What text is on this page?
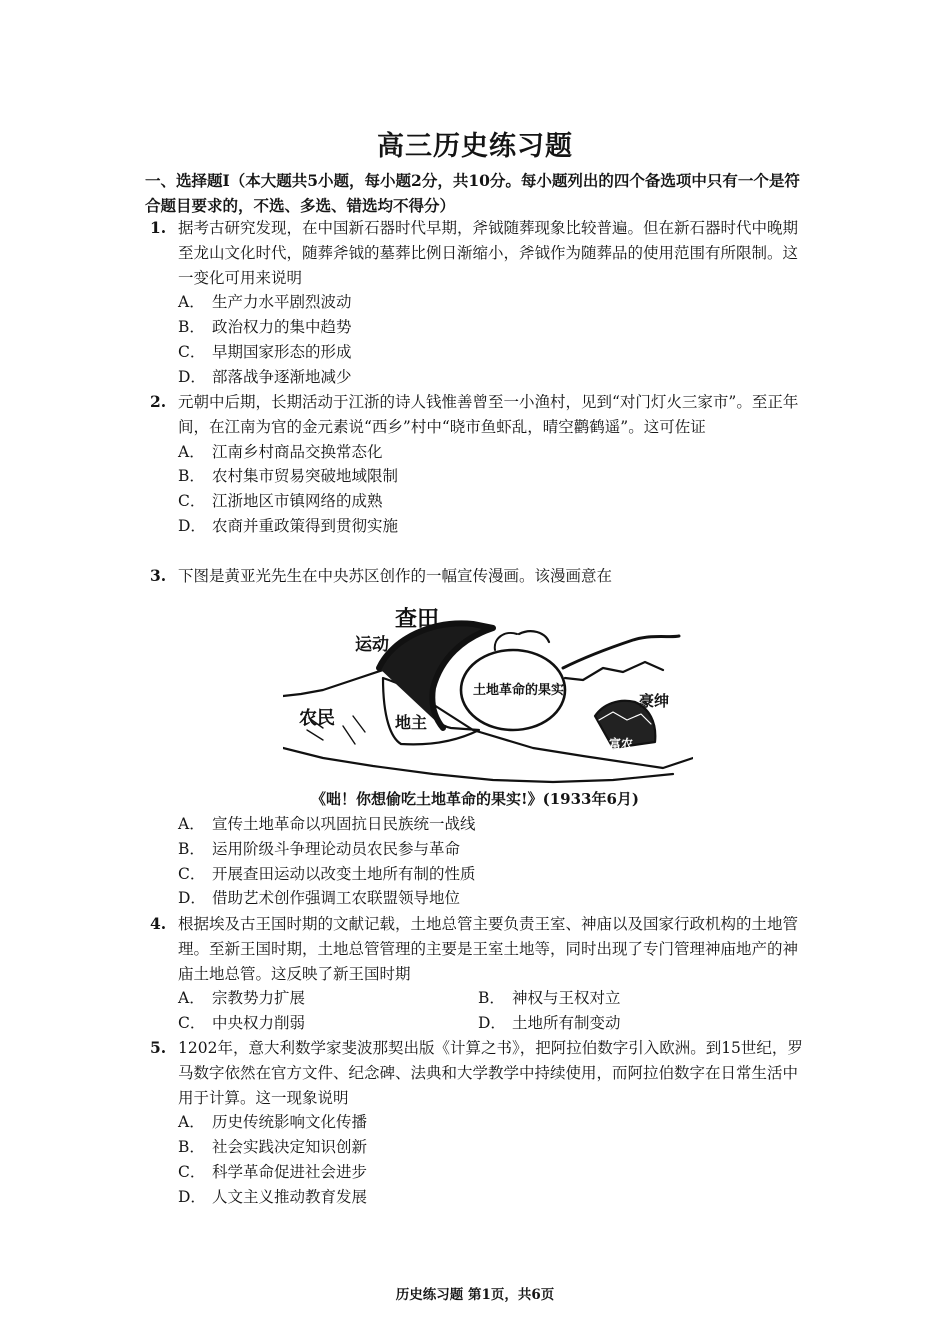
高三历史练习题
一、选择题Ⅰ（本大题共5小题，每小题2分，共10分。每小题列出的四个备选项中只有一个是符合题目要求的，不选、多选、错选均不得分）
1. 据考古研究发现，在中国新石器时代早期，斧钺随葬现象比较普遍。但在新石器时代中晚期至龙山文化时代，随葬斧钺的墓葬比例日渐缩小，斧钺作为随葬品的使用范围有所限制。这一变化可用来说明
A． 生产力水平剧烈波动
B． 政治权力的集中趋势
C． 早期国家形态的形成
D． 部落战争逐渐地减少
2. 元朝中后期，长期活动于江浙的诗人钱惟善曾至一小渔村，见到“对门灯火三家市”。至正年间，在江南为官的金元素说“西乡”村中“晓市鱼虾乱，晴空鹳鹤遥”。这可佐证
A． 江南乡村商品交换常态化
B． 农村集市贸易突破地域限制
C． 江浙地区市镇网络的成熟
D． 农商并重政策得到贯彻实施
3. 下图是黄亚光先生在中央苏区创作的一幅宣传漫画。该漫画意在
查田
运动
农民	地主
土地革命的果实
豪绅
富农
《咄！你想偷吃土地革命的果实!》(1933年6月)
A． 宣传土地革命以巩固抗日民族统一战线
B． 运用阶级斗争理论动员农民参与革命
C． 开展查田运动以改变土地所有制的性质
D． 借助艺术创作强调工农联盟领导地位
4. 根据埃及古王国时期的文献记载，土地总管主要负责王室、神庙以及国家行政机构的土地管理。至新王国时期，土地总管管理的主要是王室土地等，同时出现了专门管理神庙地产的神庙土地总管。这反映了新王国时期
A． 宗教势力扩展	B． 神权与王权对立
C． 中央权力削弱	D． 土地所有制变动
5. 1202年，意大利数学家斐波那契出版《计算之书》，把阿拉伯数字引入欧洲。到15世纪，罗马数字依然在官方文件、纪念碑、法典和大学教学中持续使用，而阿拉伯数字在日常生活中用于计算。这一现象说明
A． 历史传统影响文化传播
B． 社会实践决定知识创新
C． 科学革命促进社会进步
D． 人文主义推动教育发展
历史练习题 第1页，共6页
